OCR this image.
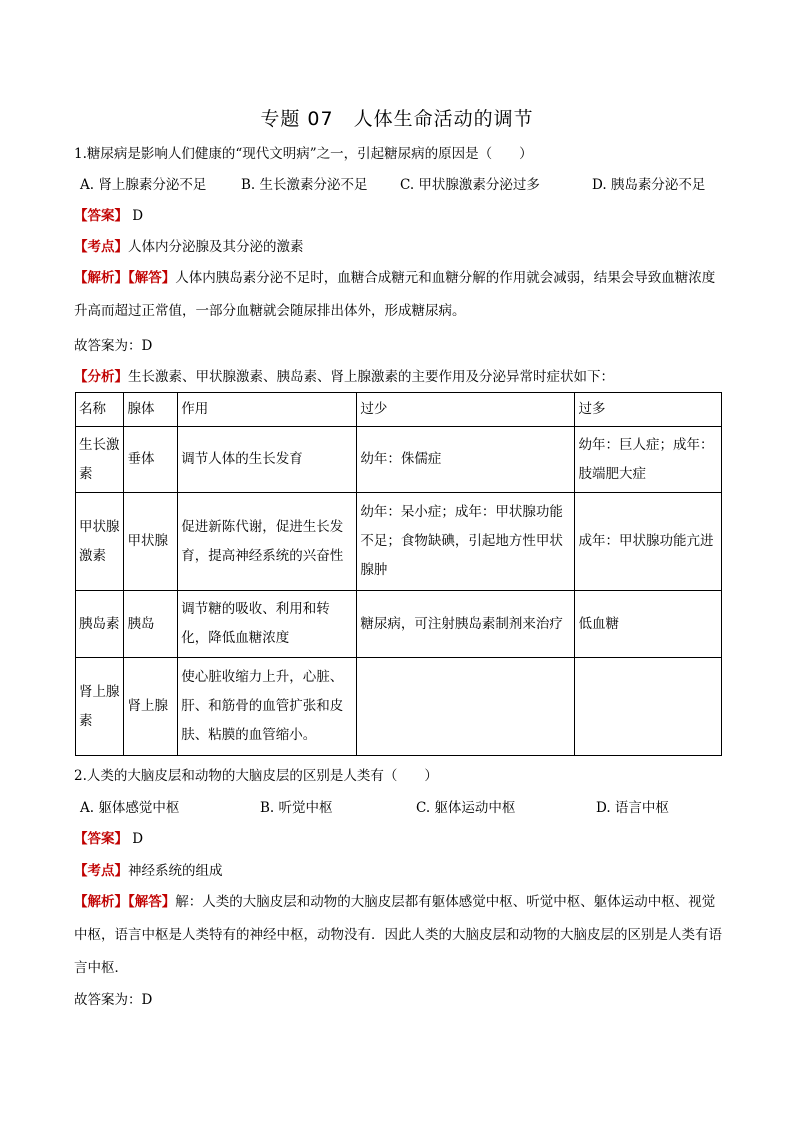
专题 07　人体生命活动的调节
1.糖尿病是影响人们健康的“现代文明病”之一，引起糖尿病的原因是（　　）
A. 肾上腺素分泌不足	B. 生长激素分泌不足 C. 甲状腺激素分泌过多	D. 胰岛素分泌不足
【答案】 D
【考点】人体内分泌腺及其分泌的激素
【解析】【解答】人体内胰岛素分泌不足时，血糖合成糖元和血糖分解的作用就会减弱，结果会导致血糖浓度升高而超过正常值，一部分血糖就会随尿排出体外，形成糖尿病。
故答案为：D
【分析】生长激素、甲状腺激素、胰岛素、肾上腺激素的主要作用及分泌异常时症状如下：
名称	腺体	作用	过少	过多
生长激素	垂体	调节人体的生长发育	幼年：侏儒症	幼年：巨人症；成年：肢端肥大症
甲状腺激素	甲状腺	促进新陈代谢，促进生长发育，提高神经系统的兴奋性	幼年：呆小症；成年：甲状腺功能不足；食物缺碘，引起地方性甲状腺肿	成年：甲状腺功能亢进
胰岛素	胰岛	调节糖的吸收、利用和转化，降低血糖浓度	糖尿病，可注射胰岛素制剂来治疗	低血糖
肾上腺素	肾上腺	使心脏收缩力上升，心脏、肝、和筋骨的血管扩张和皮肤、粘膜的血管缩小。		
2.人类的大脑皮层和动物的大脑皮层的区别是人类有（　　）
A. 躯体感觉中枢	B. 听觉中枢	C. 躯体运动中枢	D. 语言中枢
【答案】 D
【考点】神经系统的组成
【解析】【解答】解：人类的大脑皮层和动物的大脑皮层都有躯体感觉中枢、听觉中枢、躯体运动中枢、视觉中枢，语言中枢是人类特有的神经中枢，动物没有．因此人类的大脑皮层和动物的大脑皮层的区别是人类有语言中枢．
故答案为：D
